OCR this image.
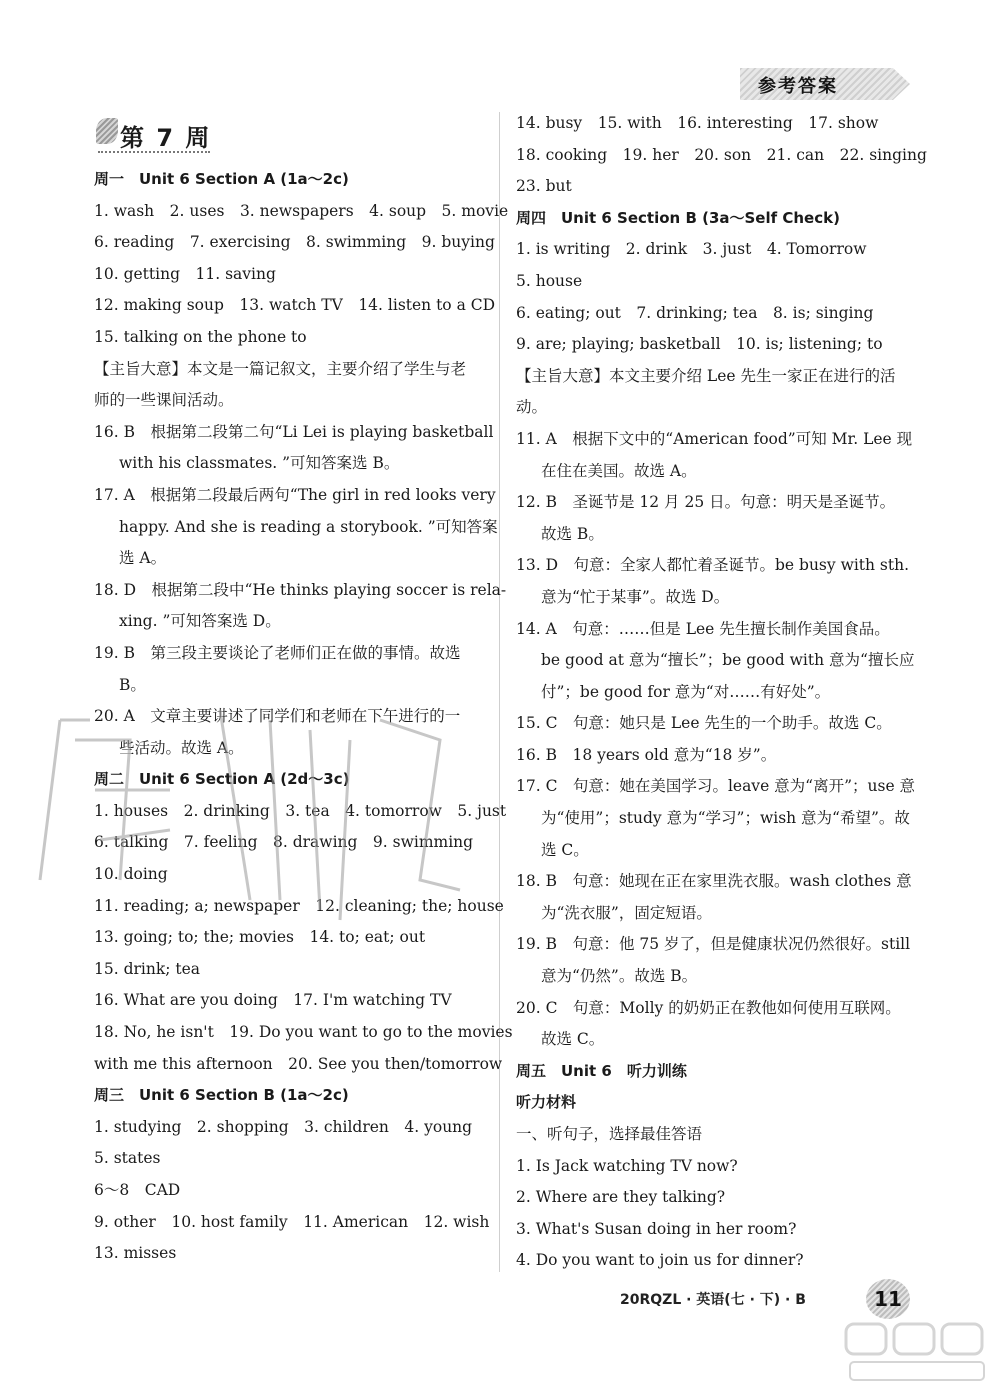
参考答案
第 7 周
周一　Unit 6 Section A (1a～2c)
1. wash　2. uses　3. newspapers　4. soup　5. movie
6. reading　7. exercising　8. swimming　9. buying
10. getting　11. saving
12. making soup　13. watch TV　14. listen to a CD
15. talking on the phone to
【主旨大意】本文是一篇记叙文，主要介绍了学生与老
师的一些课间活动。
16. B　根据第二段第二句“Li Lei is playing basketball
with his classmates. ”可知答案选 B。
17. A　根据第二段最后两句“The girl in red looks very
happy. And she is reading a storybook. ”可知答案
选 A。
18. D　根据第二段中“He thinks playing soccer is rela-
xing. ”可知答案选 D。
19. B　第三段主要谈论了老师们正在做的事情。故选
B。
20. A　文章主要讲述了同学们和老师在下午进行的一
些活动。故选 A。
周二　Unit 6 Section A (2d～3c)
1. houses　2. drinking　3. tea　4. tomorrow　5. just
6. talking　7. feeling　8. drawing　9. swimming
10. doing
11. reading; a; newspaper　12. cleaning; the; house
13. going; to; the; movies　14. to; eat; out
15. drink; tea
16. What are you doing　17. I'm watching TV
18. No, he isn't　19. Do you want to go to the movies
with me this afternoon　20. See you then/tomorrow
周三　Unit 6 Section B (1a～2c)
1. studying　2. shopping　3. children　4. young
5. states
6～8　CAD
9. other　10. host family　11. American　12. wish
13. misses
14. busy　15. with　16. interesting　17. show
18. cooking　19. her　20. son　21. can　22. singing
23. but
周四　Unit 6 Section B (3a～Self Check)
1. is writing　2. drink　3. just　4. Tomorrow
5. house
6. eating; out　7. drinking; tea　8. is; singing
9. are; playing; basketball　10. is; listening; to
【主旨大意】本文主要介绍 Lee 先生一家正在进行的活
动。
11. A　根据下文中的“American food”可知 Mr. Lee 现
在住在美国。故选 A。
12. B　圣诞节是 12 月 25 日。句意：明天是圣诞节。
故选 B。
13. D　句意：全家人都忙着圣诞节。be busy with sth.
意为“忙于某事”。故选 D。
14. A　句意：……但是 Lee 先生擅长制作美国食品。
be good at 意为“擅长”；be good with 意为“擅长应
付”；be good for 意为“对……有好处”。
15. C　句意：她只是 Lee 先生的一个助手。故选 C。
16. B　18 years old 意为“18 岁”。
17. C　句意：她在美国学习。leave 意为“离开”；use 意
为“使用”；study 意为“学习”；wish 意为“希望”。故
选 C。
18. B　句意：她现在正在家里洗衣服。wash clothes 意
为“洗衣服”，固定短语。
19. B　句意：他 75 岁了，但是健康状况仍然很好。still
意为“仍然”。故选 B。
20. C　句意：Molly 的奶奶正在教他如何使用互联网。
故选 C。
周五　Unit 6　听力训练
听力材料
一、听句子，选择最佳答语
1. Is Jack watching TV now?
2. Where are they talking?
3. What's Susan doing in her room?
4. Do you want to join us for dinner?
20RQZL · 英语(七 · 下) · B	11
